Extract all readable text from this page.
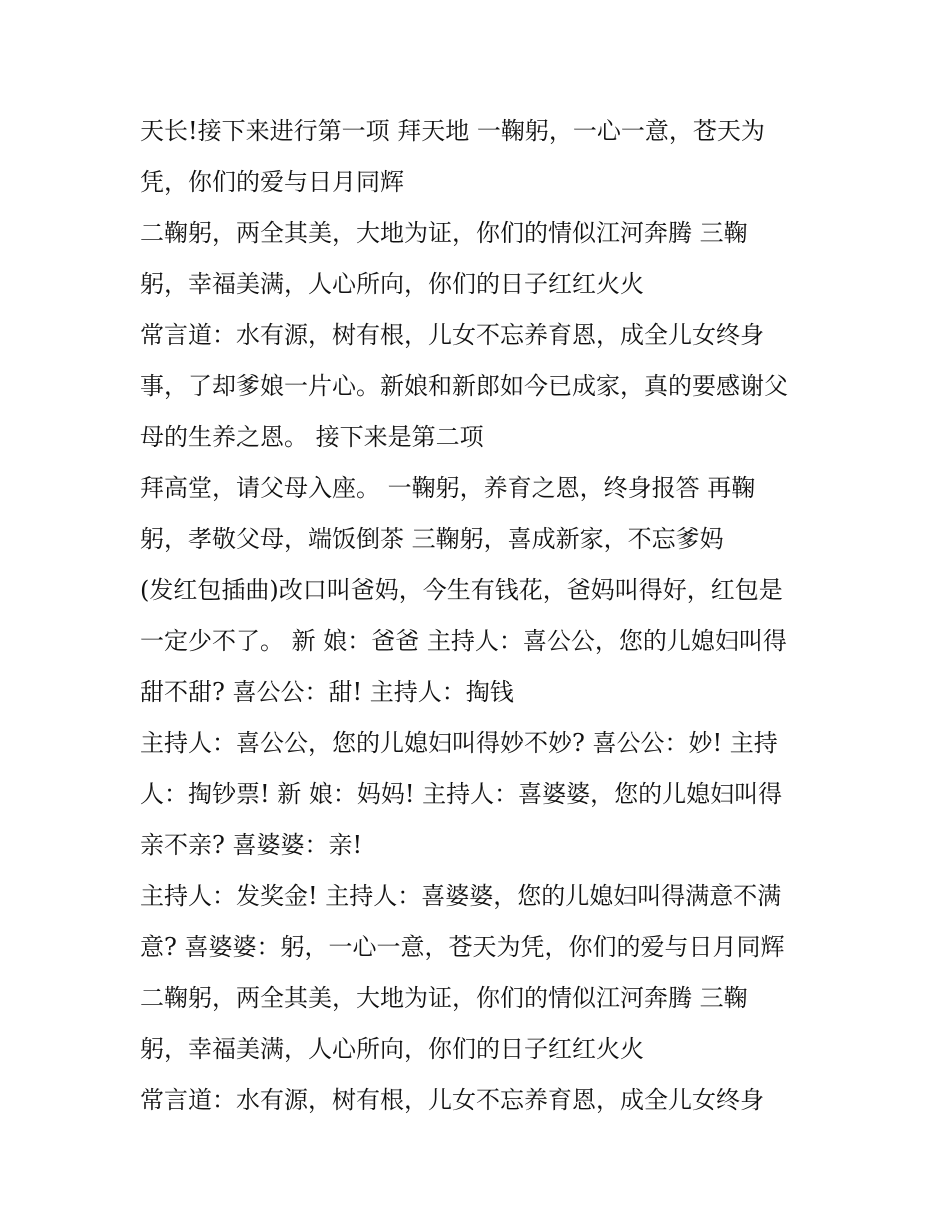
天长!接下来进行第一项 拜天地 一鞠躬，一心一意，苍天为
凭，你们的爱与日月同辉
二鞠躬，两全其美，大地为证，你们的情似江河奔腾 三鞠
躬，幸福美满，人心所向，你们的日子红红火火
常言道：水有源，树有根，儿女不忘养育恩，成全儿女终身
事，了却爹娘一片心。新娘和新郎如今已成家，真的要感谢父
母的生养之恩。 接下来是第二项
拜高堂，请父母入座。 一鞠躬，养育之恩，终身报答 再鞠
躬，孝敬父母，端饭倒茶 三鞠躬，喜成新家，不忘爹妈
(发红包插曲)改口叫爸妈，今生有钱花，爸妈叫得好，红包是
一定少不了。 新 娘：爸爸 主持人：喜公公，您的儿媳妇叫得
甜不甜? 喜公公：甜! 主持人：掏钱
主持人：喜公公，您的儿媳妇叫得妙不妙? 喜公公：妙! 主持
人：掏钞票! 新 娘：妈妈! 主持人：喜婆婆，您的儿媳妇叫得
亲不亲? 喜婆婆：亲!
主持人：发奖金! 主持人：喜婆婆，您的儿媳妇叫得满意不满
意? 喜婆婆：躬，一心一意，苍天为凭，你们的爱与日月同辉
二鞠躬，两全其美，大地为证，你们的情似江河奔腾 三鞠
躬，幸福美满，人心所向，你们的日子红红火火
常言道：水有源，树有根，儿女不忘养育恩，成全儿女终身
